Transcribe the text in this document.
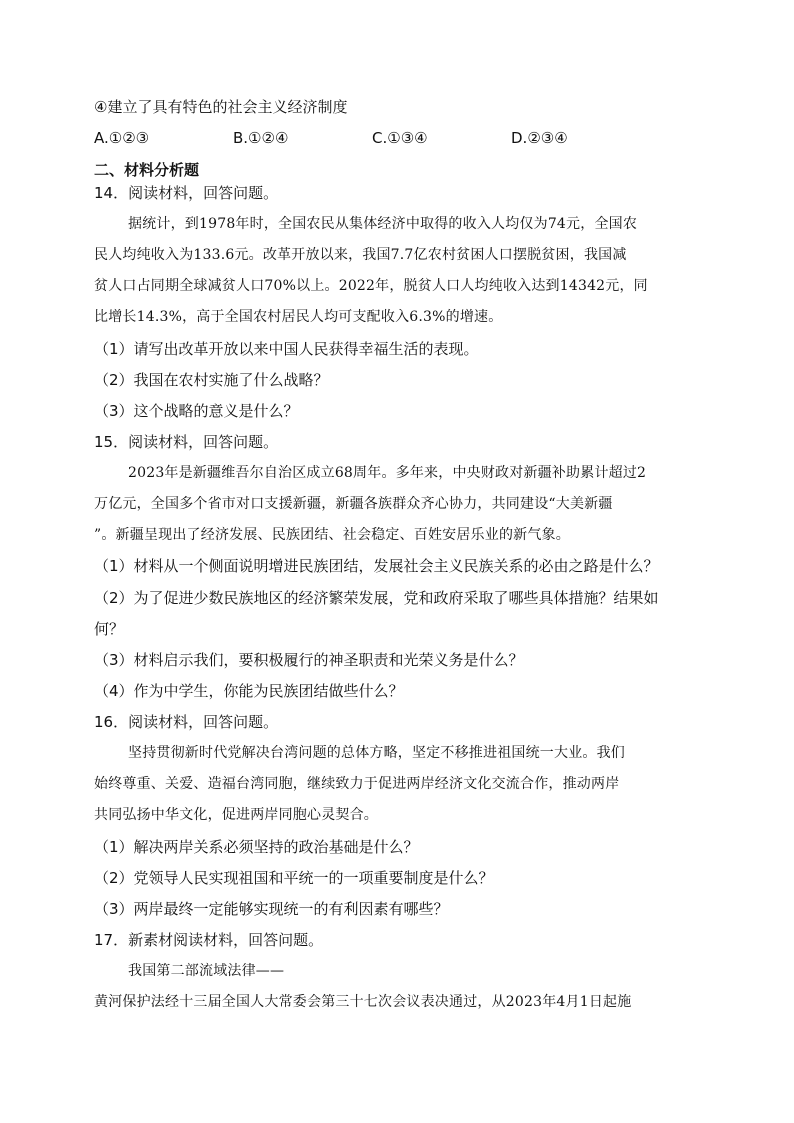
④建立了具有特色的社会主义经济制度
A.①②③	B.①②④	C.①③④	D.②③④
二、材料分析题
14．阅读材料，回答问题。
据统计，到1978年时，全国农民从集体经济中取得的收入人均仅为74元，全国农
民人均纯收入为133.6元。改革开放以来，我国7.7亿农村贫困人口摆脱贫困，我国减
贫人口占同期全球减贫人口70%以上。2022年，脱贫人口人均纯收入达到14342元，同
比增长14.3%，高于全国农村居民人均可支配收入6.3%的增速。
（1）请写出改革开放以来中国人民获得幸福生活的表现。
（2）我国在农村实施了什么战略？
（3）这个战略的意义是什么？
15．阅读材料，回答问题。
2023年是新疆维吾尔自治区成立68周年。多年来，中央财政对新疆补助累计超过2
万亿元，全国多个省市对口支援新疆，新疆各族群众齐心协力，共同建设“大美新疆
”。新疆呈现出了经济发展、民族团结、社会稳定、百姓安居乐业的新气象。
（1）材料从一个侧面说明增进民族团结，发展社会主义民族关系的必由之路是什么？
（2）为了促进少数民族地区的经济繁荣发展，党和政府采取了哪些具体措施？结果如
何？
（3）材料启示我们，要积极履行的神圣职责和光荣义务是什么？
（4）作为中学生，你能为民族团结做些什么？
16．阅读材料，回答问题。
坚持贯彻新时代党解决台湾问题的总体方略，坚定不移推进祖国统一大业。我们
始终尊重、关爱、造福台湾同胞，继续致力于促进两岸经济文化交流合作，推动两岸
共同弘扬中华文化，促进两岸同胞心灵契合。
（1）解决两岸关系必须坚持的政治基础是什么？
（2）党领导人民实现祖国和平统一的一项重要制度是什么？
（3）两岸最终一定能够实现统一的有利因素有哪些？
17．新素材阅读材料，回答问题。
我国第二部流域法律——
黄河保护法经十三届全国人大常委会第三十七次会议表决通过，从2023年4月1日起施
